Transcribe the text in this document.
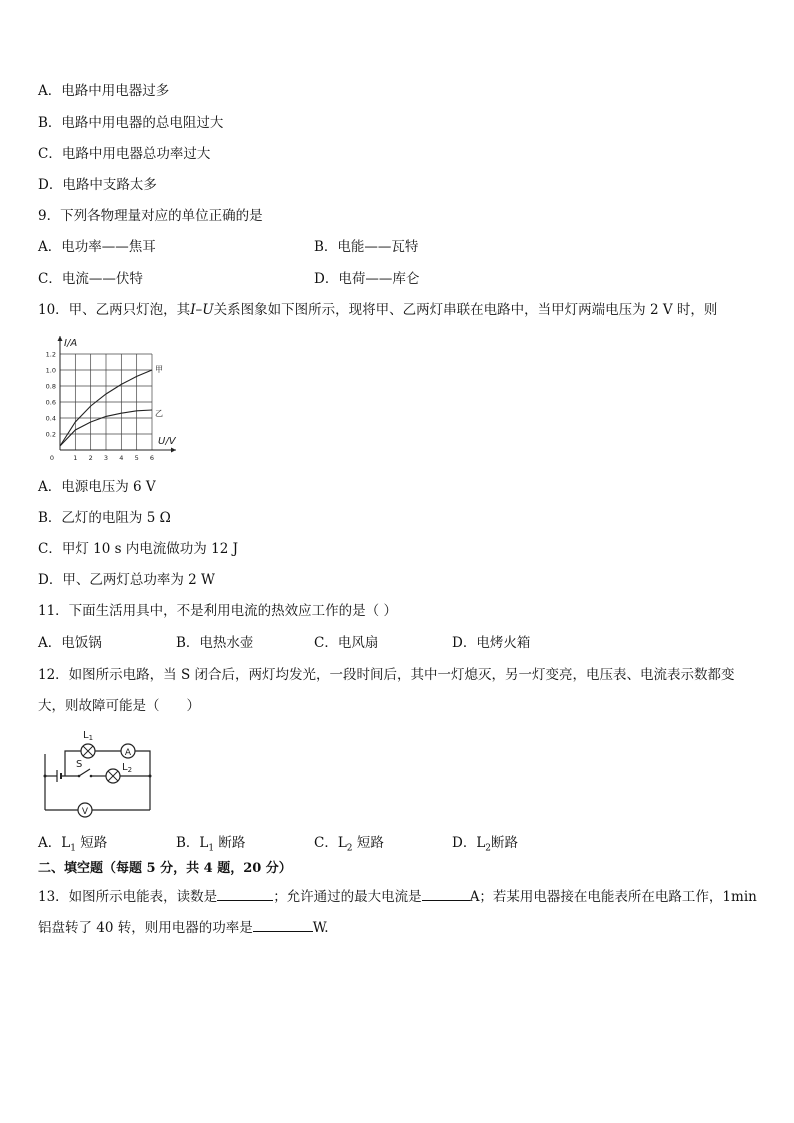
A．电路中用电器过多
B．电路中用电器的总电阻过大
C．电路中用电器总功率过大
D．电路中支路太多
9．下列各物理量对应的单位正确的是
A．电功率——焦耳	B．电能——瓦特
C．电流——伏特	D．电荷——库仑
10．甲、乙两只灯泡，其I–U关系图象如下图所示，现将甲、乙两灯串联在电路中，当甲灯两端电压为 2 V 时，则
0	1 2 3 4 5 6
0.2
0.4
0.6
0.8
1.0
1.2
I/A
U/V
甲
乙
A．电源电压为 6 V
B．乙灯的电阻为 5 Ω
C．甲灯 10 s 内电流做功为 12 J
D．甲、乙两灯总功率为 2 W
11．下面生活用具中，不是利用电流的热效应工作的是（ ）
A．电饭锅	B．电热水壶	C．电风扇	D．电烤火箱
12．如图所示电路，当 S 闭合后，两灯均发光，一段时间后，其中一灯熄灭，另一灯变亮，电压表、电流表示数都变
大，则故障可能是（　　）
$L_1$
A
S	$L_2$
V
A．$L_1$ 短路	B．$L_1$ 断路	C．$L_2$ 短路	D．$L_2$断路
二、填空题（每题 5 分，共 4 题，20 分）
13．如图所示电能表，读数是	；允许通过的最大电流是	A；若某用电器接在电能表所在电路工作，1min
铝盘转了 40 转，则用电器的功率是	W.
